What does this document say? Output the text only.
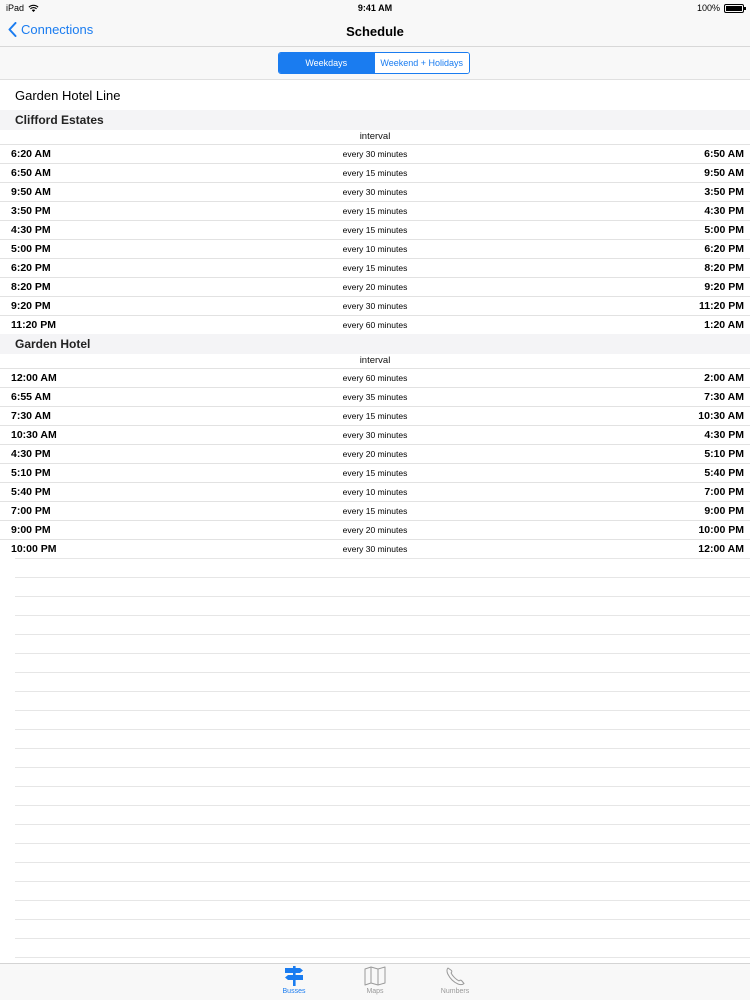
iPad	9:41 AM	100%
Connections	Schedule
Weekdays	Weekend + Holidays
Garden Hotel Line
Clifford Estates
interval
6:20 AM	every 30 minutes	6:50 AM
6:50 AM	every 15 minutes	9:50 AM
9:50 AM	every 30 minutes	3:50 PM
3:50 PM	every 15 minutes	4:30 PM
4:30 PM	every 15 minutes	5:00 PM
5:00 PM	every 10 minutes	6:20 PM
6:20 PM	every 15 minutes	8:20 PM
8:20 PM	every 20 minutes	9:20 PM
9:20 PM	every 30 minutes	11:20 PM
11:20 PM	every 60 minutes	1:20 AM
Garden Hotel
interval
12:00 AM	every 60 minutes	2:00 AM
6:55 AM	every 35 minutes	7:30 AM
7:30 AM	every 15 minutes	10:30 AM
10:30 AM	every 30 minutes	4:30 PM
4:30 PM	every 20 minutes	5:10 PM
5:10 PM	every 15 minutes	5:40 PM
5:40 PM	every 10 minutes	7:00 PM
7:00 PM	every 15 minutes	9:00 PM
9:00 PM	every 20 minutes	10:00 PM
10:00 PM	every 30 minutes	12:00 AM
Busses	Maps	Numbers
